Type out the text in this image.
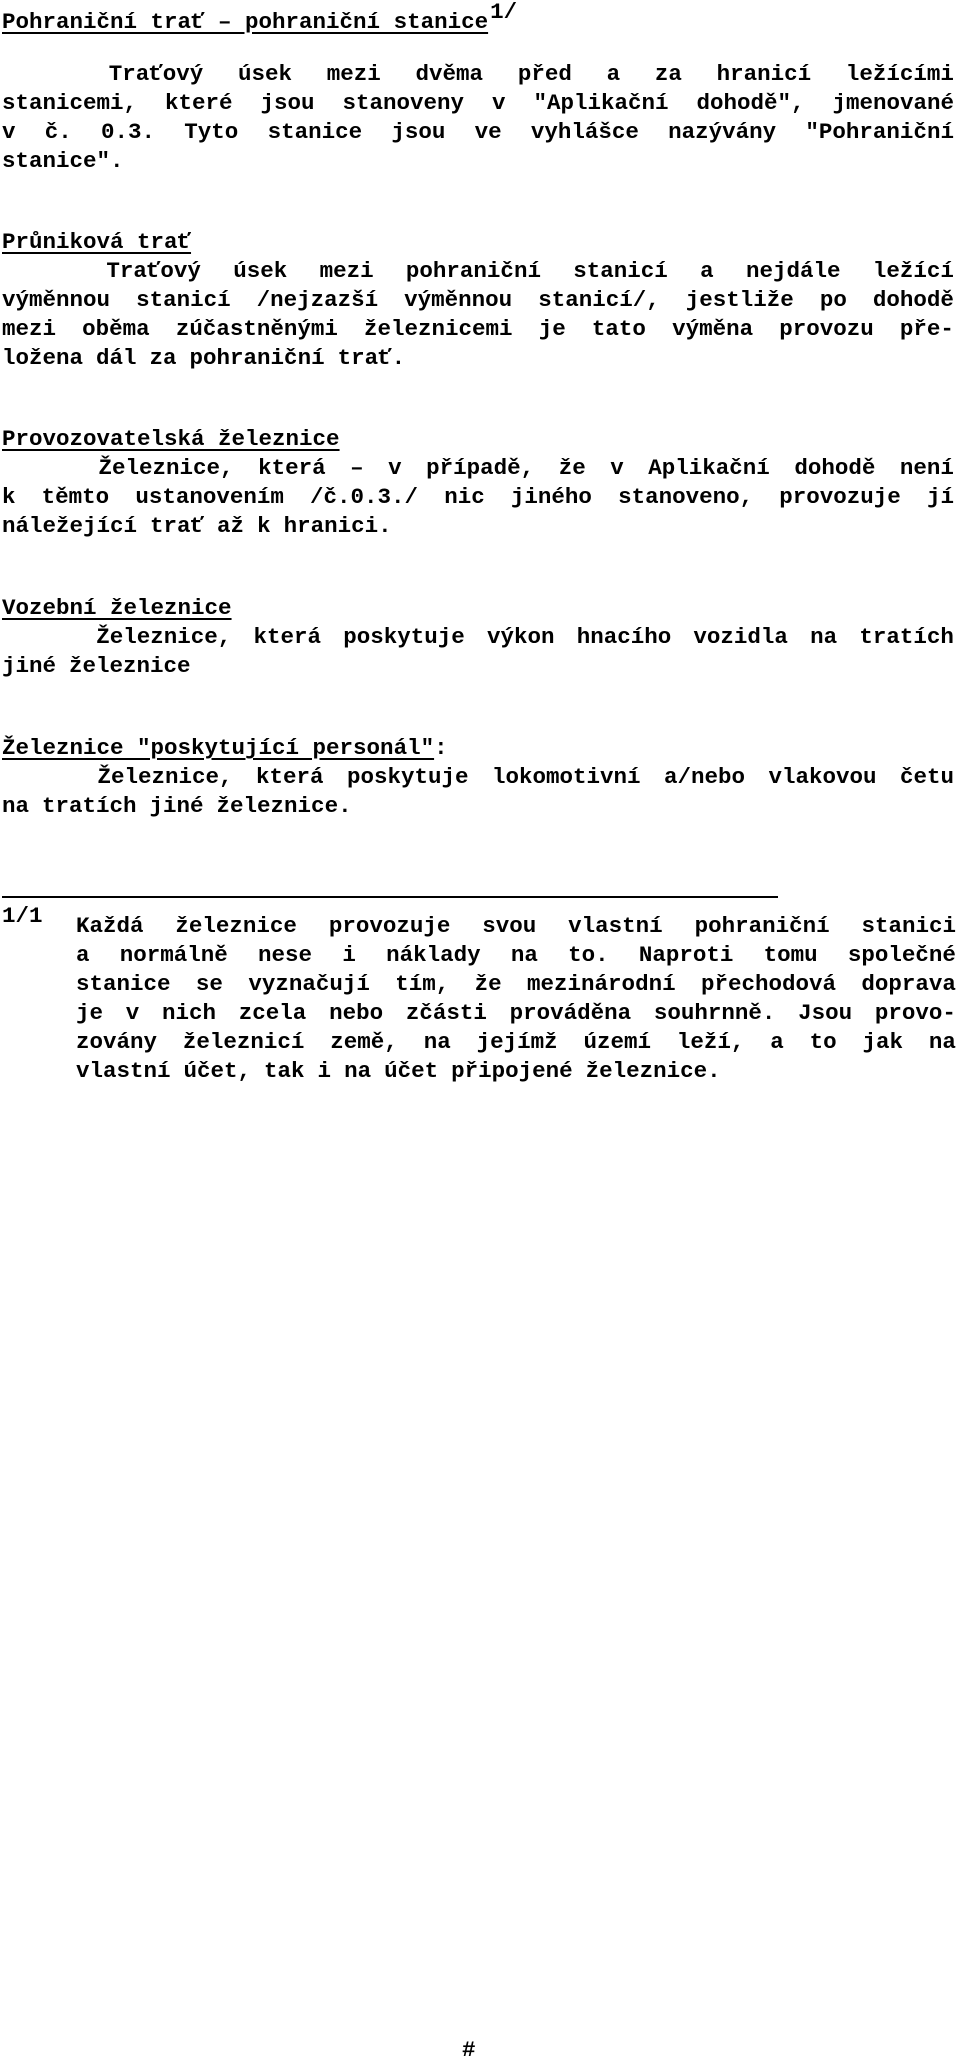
Pohraniční trať – pohraniční stanice1/
Traťový úsek mezi dvěma před a za hranicí ležícími
stanicemi, které jsou stanoveny v "Aplikační dohodě", jmenované
v č. 0.3. Tyto stanice jsou ve vyhlášce nazývány "Pohraniční
stanice".
Průniková trať
Traťový úsek mezi pohraniční stanicí a nejdále ležící
výměnnou stanicí /nejzazší výměnnou stanicí/, jestliže po dohodě
mezi oběma zúčastněnými železnicemi je tato výměna provozu pře-
ložena dál za pohraniční trať.
Provozovatelská železnice
Železnice, která – v případě, že v Aplikační dohodě není
k těmto ustanovením /č.0.3./ nic jiného stanoveno, provozuje jí
náležející trať až k hranici.
Vozební železnice
Železnice, která poskytuje výkon hnacího vozidla na tratích
jiné železnice
Železnice "poskytující personál":
Železnice, která poskytuje lokomotivní a/nebo vlakovou četu
na tratích jiné železnice.
1/1 Každá železnice provozuje svou vlastní pohraniční stanici
a normálně nese i náklady na to. Naproti tomu společné
stanice se vyznačují tím, že mezinárodní přechodová doprava
je v nich zcela nebo zčásti prováděna souhrnně. Jsou provo-
zovány železnicí země, na jejímž území leží, a to jak na
vlastní účet, tak i na účet připojené železnice.
#
